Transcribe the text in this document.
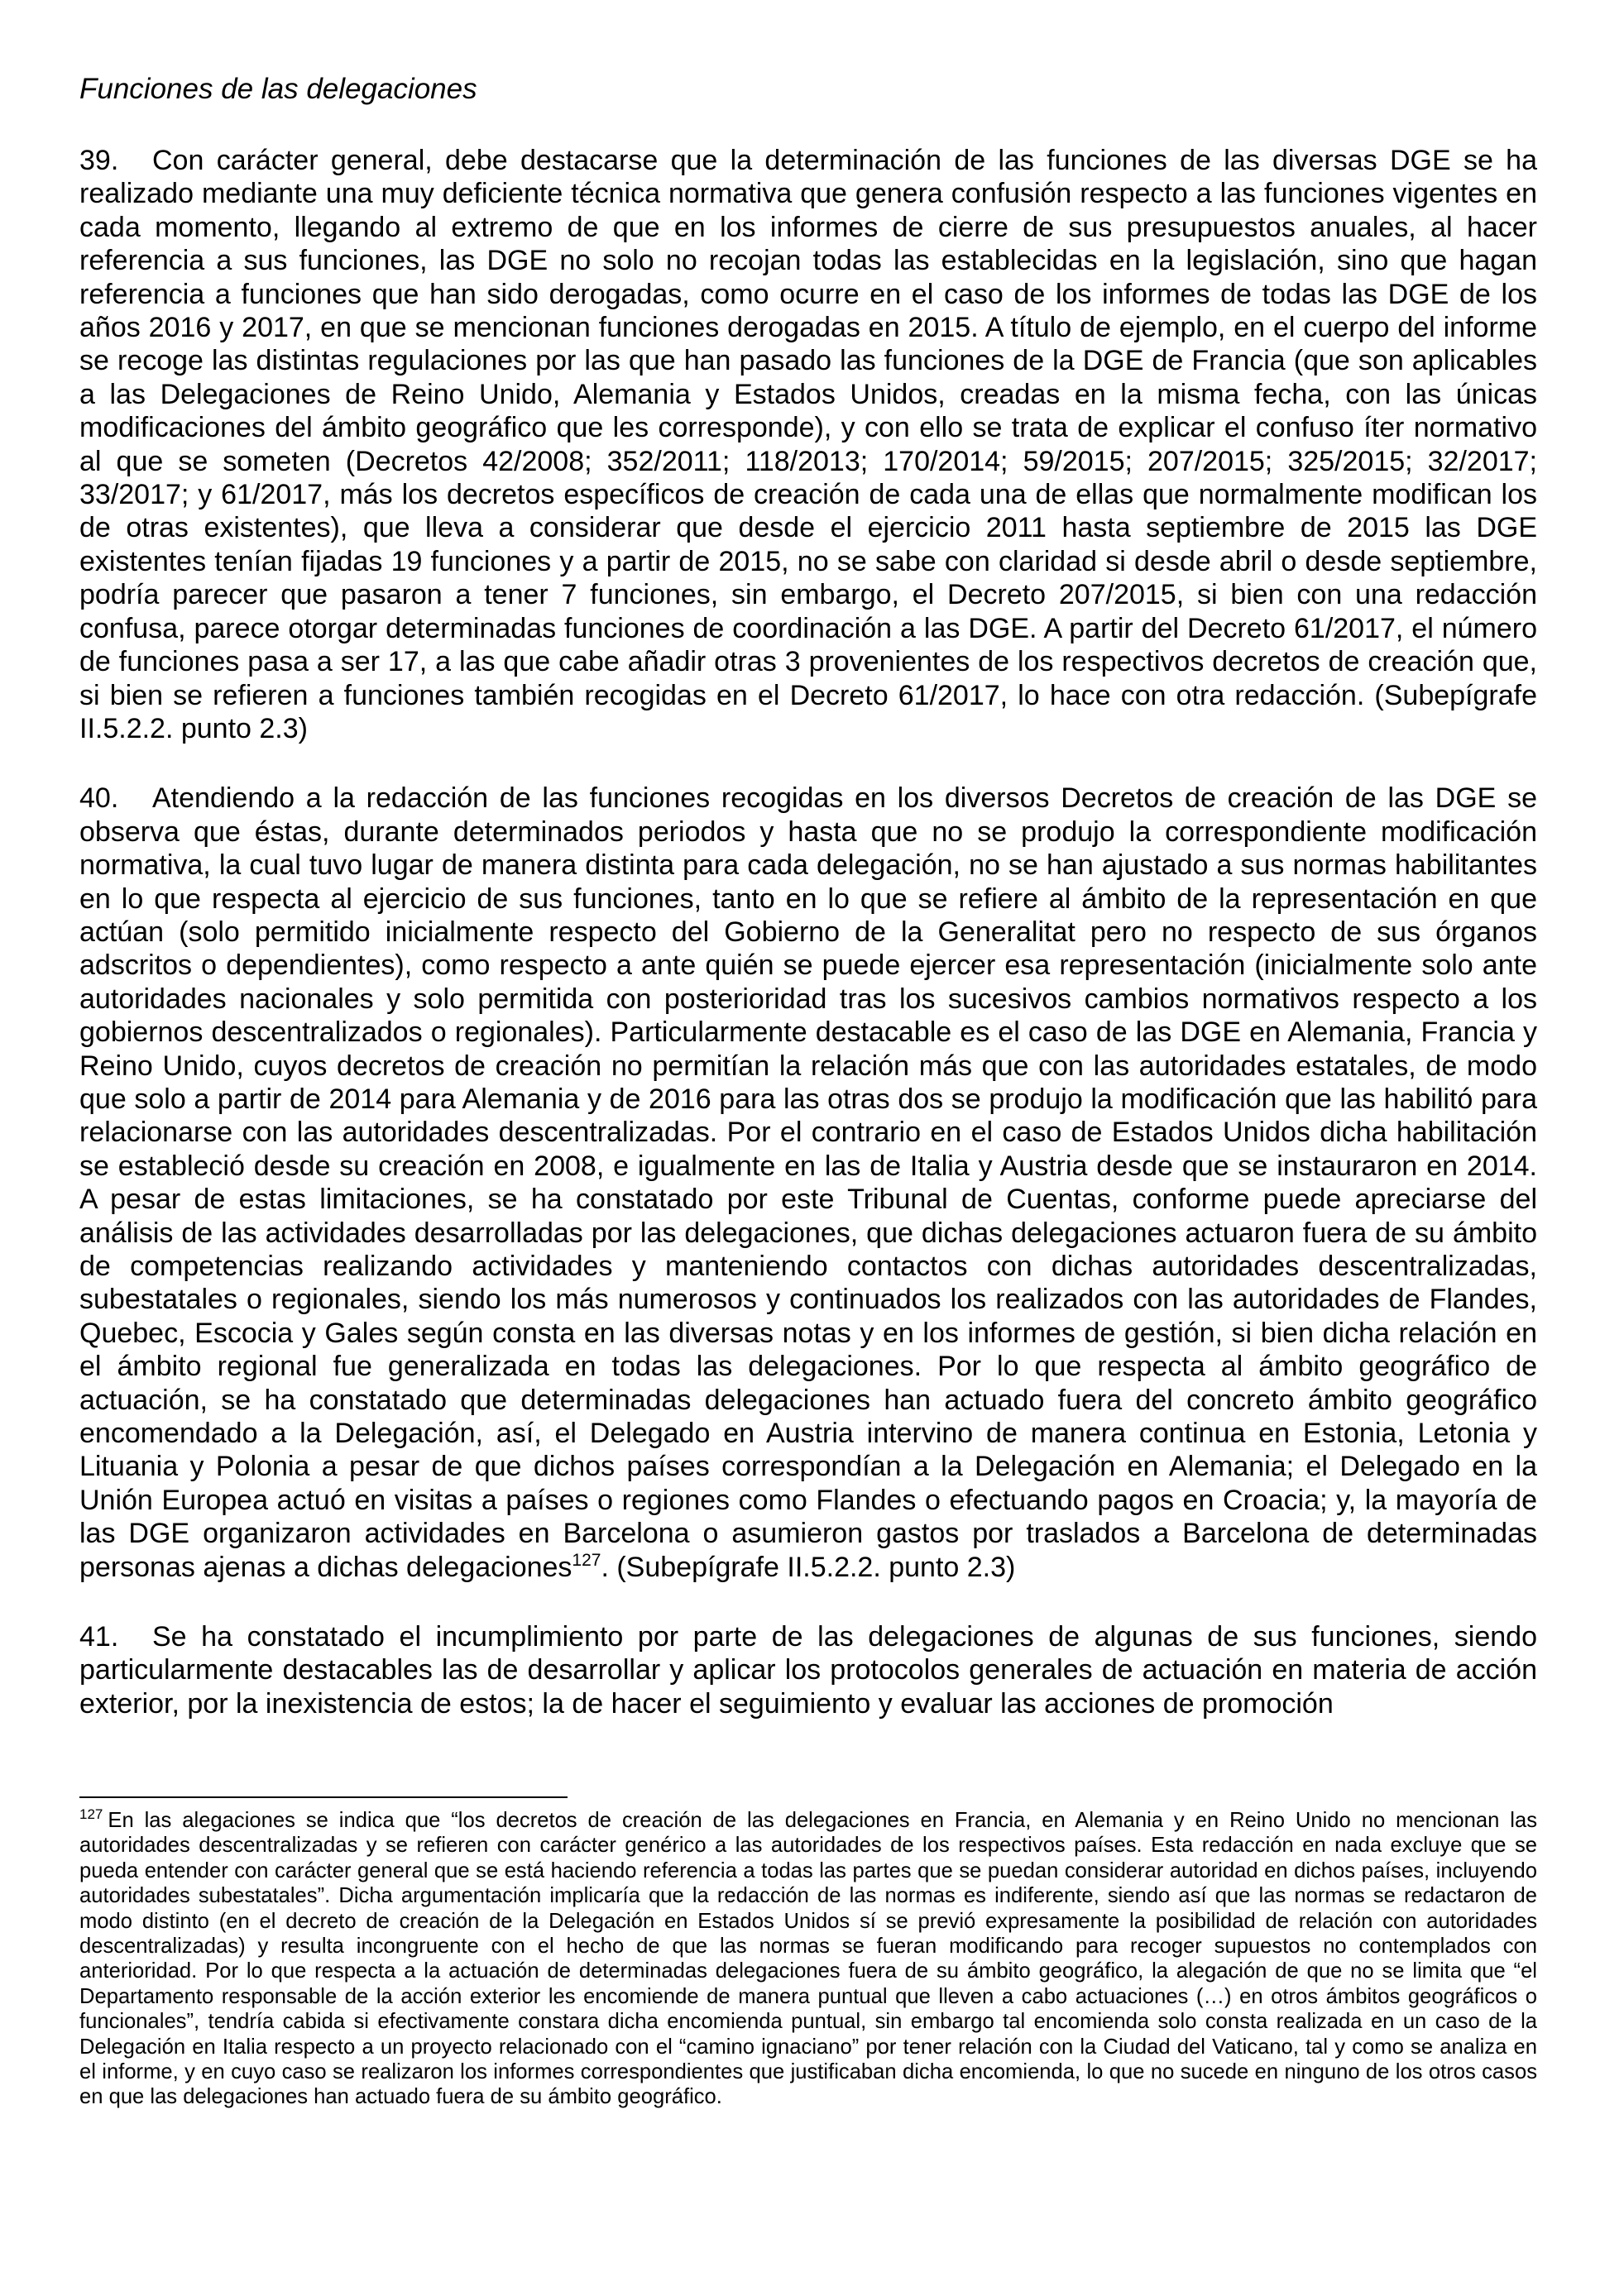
Funciones de las delegaciones

39. Con carácter general, debe destacarse que la determinación de las funciones de las diversas DGE se ha realizado mediante una muy deficiente técnica normativa que genera confusión respecto a las funciones vigentes en cada momento, llegando al extremo de que en los informes de cierre de sus presupuestos anuales, al hacer referencia a sus funciones, las DGE no solo no recojan todas las establecidas en la legislación, sino que hagan referencia a funciones que han sido derogadas, como ocurre en el caso de los informes de todas las DGE de los años 2016 y 2017, en que se mencionan funciones derogadas en 2015. A título de ejemplo, en el cuerpo del informe se recoge las distintas regulaciones por las que han pasado las funciones de la DGE de Francia (que son aplicables a las Delegaciones de Reino Unido, Alemania y Estados Unidos, creadas en la misma fecha, con las únicas modificaciones del ámbito geográfico que les corresponde), y con ello se trata de explicar el confuso íter normativo al que se someten (Decretos 42/2008; 352/2011; 118/2013; 170/2014; 59/2015; 207/2015; 325/2015; 32/2017; 33/2017; y 61/2017, más los decretos específicos de creación de cada una de ellas que normalmente modifican los de otras existentes), que lleva a considerar que desde el ejercicio 2011 hasta septiembre de 2015 las DGE existentes tenían fijadas 19 funciones y a partir de 2015, no se sabe con claridad si desde abril o desde septiembre, podría parecer que pasaron a tener 7 funciones, sin embargo, el Decreto 207/2015, si bien con una redacción confusa, parece otorgar determinadas funciones de coordinación a las DGE. A partir del Decreto 61/2017, el número de funciones pasa a ser 17, a las que cabe añadir otras 3 provenientes de los respectivos decretos de creación que, si bien se refieren a funciones también recogidas en el Decreto 61/2017, lo hace con otra redacción. (Subepígrafe II.5.2.2. punto 2.3)

40. Atendiendo a la redacción de las funciones recogidas en los diversos Decretos de creación de las DGE se observa que éstas, durante determinados periodos y hasta que no se produjo la correspondiente modificación normativa, la cual tuvo lugar de manera distinta para cada delegación, no se han ajustado a sus normas habilitantes en lo que respecta al ejercicio de sus funciones, tanto en lo que se refiere al ámbito de la representación en que actúan (solo permitido inicialmente respecto del Gobierno de la Generalitat pero no respecto de sus órganos adscritos o dependientes), como respecto a ante quién se puede ejercer esa representación (inicialmente solo ante autoridades nacionales y solo permitida con posterioridad tras los sucesivos cambios normativos respecto a los gobiernos descentralizados o regionales). Particularmente destacable es el caso de las DGE en Alemania, Francia y Reino Unido, cuyos decretos de creación no permitían la relación más que con las autoridades estatales, de modo que solo a partir de 2014 para Alemania y de 2016 para las otras dos se produjo la modificación que las habilitó para relacionarse con las autoridades descentralizadas. Por el contrario en el caso de Estados Unidos dicha habilitación se estableció desde su creación en 2008, e igualmente en las de Italia y Austria desde que se instauraron en 2014. A pesar de estas limitaciones, se ha constatado por este Tribunal de Cuentas, conforme puede apreciarse del análisis de las actividades desarrolladas por las delegaciones, que dichas delegaciones actuaron fuera de su ámbito de competencias realizando actividades y manteniendo contactos con dichas autoridades descentralizadas, subestatales o regionales, siendo los más numerosos y continuados los realizados con las autoridades de Flandes, Quebec, Escocia y Gales según consta en las diversas notas y en los informes de gestión, si bien dicha relación en el ámbito regional fue generalizada en todas las delegaciones. Por lo que respecta al ámbito geográfico de actuación, se ha constatado que determinadas delegaciones han actuado fuera del concreto ámbito geográfico encomendado a la Delegación, así, el Delegado en Austria intervino de manera continua en Estonia, Letonia y Lituania y Polonia a pesar de que dichos países correspondían a la Delegación en Alemania; el Delegado en la Unión Europea actuó en visitas a países o regiones como Flandes o efectuando pagos en Croacia; y, la mayoría de las DGE organizaron actividades en Barcelona o asumieron gastos por traslados a Barcelona de determinadas personas ajenas a dichas delegaciones$^{127}$. (Subepígrafe II.5.2.2. punto 2.3)

41. Se ha constatado el incumplimiento por parte de las delegaciones de algunas de sus funciones, siendo particularmente destacables las de desarrollar y aplicar los protocolos generales de actuación en materia de acción exterior, por la inexistencia de estos; la de hacer el seguimiento y evaluar las acciones de promoción

$^{127}$ En las alegaciones se indica que “los decretos de creación de las delegaciones en Francia, en Alemania y en Reino Unido no mencionan las autoridades descentralizadas y se refieren con carácter genérico a las autoridades de los respectivos países. Esta redacción en nada excluye que se pueda entender con carácter general que se está haciendo referencia a todas las partes que se puedan considerar autoridad en dichos países, incluyendo autoridades subestatales”. Dicha argumentación implicaría que la redacción de las normas es indiferente, siendo así que las normas se redactaron de modo distinto (en el decreto de creación de la Delegación en Estados Unidos sí se previó expresamente la posibilidad de relación con autoridades descentralizadas) y resulta incongruente con el hecho de que las normas se fueran modificando para recoger supuestos no contemplados con anterioridad. Por lo que respecta a la actuación de determinadas delegaciones fuera de su ámbito geográfico, la alegación de que no se limita que “el Departamento responsable de la acción exterior les encomiende de manera puntual que lleven a cabo actuaciones (…) en otros ámbitos geográficos o funcionales”, tendría cabida si efectivamente constara dicha encomienda puntual, sin embargo tal encomienda solo consta realizada en un caso de la Delegación en Italia respecto a un proyecto relacionado con el “camino ignaciano” por tener relación con la Ciudad del Vaticano, tal y como se analiza en el informe, y en cuyo caso se realizaron los informes correspondientes que justificaban dicha encomienda, lo que no sucede en ninguno de los otros casos en que las delegaciones han actuado fuera de su ámbito geográfico.
